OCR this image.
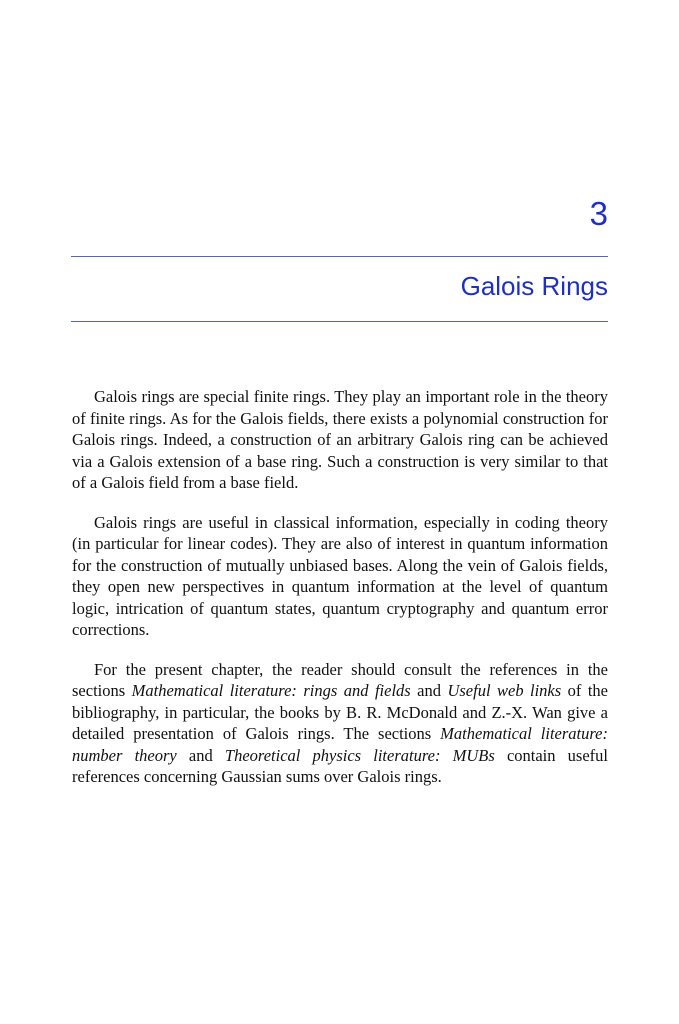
3
Galois Rings

Galois rings are special finite rings. They play an important role in the theory of finite rings. As for the Galois fields, there exists a polynomial construction for Galois rings. Indeed, a construction of an arbitrary Galois ring can be achieved via a Galois extension of a base ring. Such a construction is very similar to that of a Galois field from a base field.

Galois rings are useful in classical information, especially in coding theory (in particular for linear codes). They are also of interest in quantum information for the construction of mutually unbiased bases. Along the vein of Galois fields, they open new perspectives in quantum information at the level of quantum logic, intrication of quantum states, quantum cryptography and quantum error corrections.

For the present chapter, the reader should consult the references in the sections Mathematical literature: rings and fields and Useful web links of the bibliography, in particular, the books by B. R. McDonald and Z.-X. Wan give a detailed presentation of Galois rings. The sections Mathematical literature: number theory and Theoretical physics literature: MUBs contain useful references concerning Gaussian sums over Galois rings.
